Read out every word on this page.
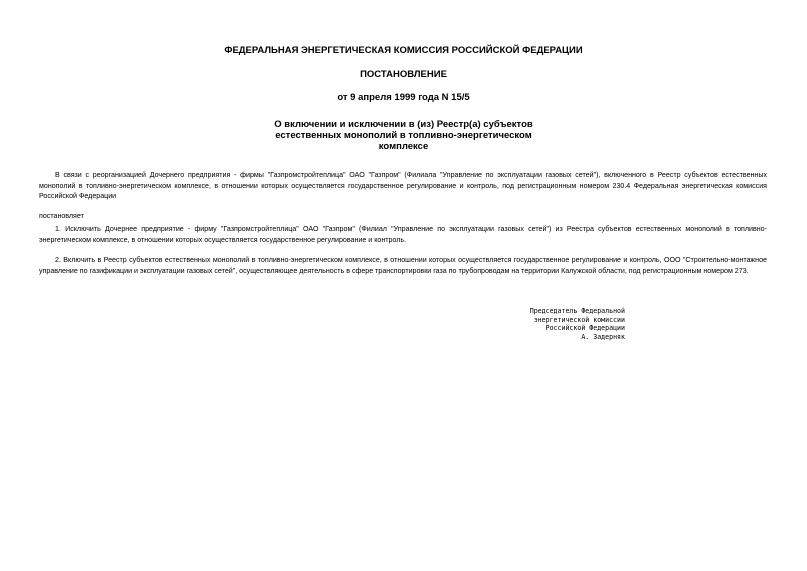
ФЕДЕРАЛЬНАЯ ЭНЕРГЕТИЧЕСКАЯ КОМИССИЯ РОССИЙСКОЙ ФЕДЕРАЦИИ
ПОСТАНОВЛЕНИЕ
от 9 апреля 1999 года N 15/5
О включении и исключении в (из) Реестр(а) субъектов
естественных монополий в топливно-энергетическом
комплексе

В связи с реорганизацией Дочернего предприятия - фирмы "Газпромстройтеплица" ОАО "Газпром" (Филиала "Управление по эксплуатации газовых сетей"), включенного в Реестр субъектов естественных монополий в топливно-энергетическом комплексе, в отношении которых осуществляется государственное регулирование и контроль, под регистрационным номером 230.4 Федеральная энергетическая комиссия Российской Федерации

постановляет

1. Исключить Дочернее предприятие - фирму "Газпромстройтеплица" ОАО "Газпром" (Филиал "Управление по эксплуатации газовых сетей") из Реестра субъектов естественных монополий в топливно-энергетическом комплексе, в отношении которых осуществляется государственное регулирование и контроль.

2. Включить в Реестр субъектов естественных монополий в топливно-энергетическом комплексе, в отношении которых осуществляется государственное регулирование и контроль, ООО "Строительно-монтажное управление по газификации и эксплуатации газовых сетей", осуществляющее деятельность в сфере транспортировки газа по трубопроводам на территории Калужской области, под регистрационным номером 273.

Председатель Федеральной
энергетической комиссии
Российской Федерации
А. Задерняк
